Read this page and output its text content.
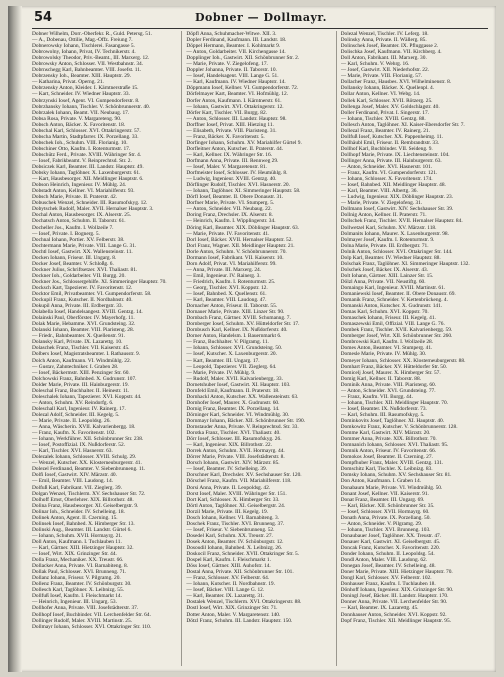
54	Dobner — Dollmayr.

Dobner Wilhelm, Dorr.-Oberfekr. R., Guld. Petersg. 51.

— A., Dobenau, Ottilie, Mag.-Offz. Freiung 7.

Dobnerowsky Iohann, Tischlerei. Fasangasse 5.

Dobrowolny, Iohann, Privat, IV. Technikerstr. 4.

Dobrowolsky Theodor, Priv.-Beamt., III. Marxerg. 12.

Dobrowsky Anton, Schlosser. VII. Westbahnstr. 34.

Dobrnschegg Karl, Bahnbeamter. VIII. Josefst. 11.

Dobrzensky Ioh., Beamter. XIII. Hauptstr. 29.

— Katharina, Privat. Operng. 21.

Dobrzensky Anton, Kleider. I. Kärntnerstraße 15.

— Kart, Schneider. IV. Wiedner Hauptstr. 33.

Dobrzynski Iosef, Agent. VI. Gumpendorferstr. 8.

Dobrzhansky Iohann, Tischler. V. Schönbrunnerstr. 40.

Dobrzalek Iohann, Beamt. VII. Neubaug. 17.

Dobsa Rosa, Private. V. Margareteng. 90.

Dobsch Anton, Bäcker. X. Favoritenstr. 18.

Dobschal Karl, Schlosser. XVI. Ottakringerstr. 57.

Dobscha Martin, Stadtpfarrer. IX. Porzellang. 33.

Dobschek Ioh., Schuhm. VIII. Florianig. 10.

Dobschiner Otto, Kaufm. I. Rotenturmstr. 17.

Dobschütz Ferd., Private. XVIII. Währinger Str. 4.

— Iosef, Fabrikbeamt. V. Reinprechtsd. Str. 2.

Dobsiczek Karl, Beamter. III. Landstr. Hauptstr. 49.

Dobsky Iohann, Taglöhner. X. Laxenburgerstr. 61.

— Kart, Hausbesorger. XII. Meidlinger Hauptstr. 6.

Dobson Heinrich, Ingenieur. IV. Mühlg. 24.

Dobstadt Anton, Kellner. VI. Mariahilferstr. 93.

Dobsch Marie, Private. II. Praterstr. 42.

Dobuschek Wenzel, Schneider. III. Rasumofskyg. 12.

Dobytschek Rudolf, Maler. XVII. Hernalser Hauptstr. 3.

Dochal Anton, Hausbesorger. IX. Alserstr. 25.

Dochatsch Anton, Schuhm. II. Taborstr. 61.

Docheller Jos., Kaufm. I. Wollzeile 7.

— Iosef, Private. I. Bognerg. 5.

Dochnal Iohann, Portier. XV. Felberstr. 38.

Dochtermann Marie, Private. VIII. Lange G. 31.

Dochtl Iosef, Gastwirt. XX. Wallensteinstr. 11.

Docken Iohann, Friseur. III. Ungarg. 8.

Docker Josef, Beamter. V. Schloßg. 6.

Dockner Julius, Schriftsetzer. XVI. Thaliastr. 81.

Dockner Ioh., Goldarbeiter. VII. Burgg. 20.

Dockner Jos., Schlossergehilfe. XI. Simmeringer Hauptstr. 70.

Docksch Kart, Tapezierer. IV. Favoritenstr. 12.

Docktor Emil, Privatbeamter. VI. Gumpendorferstr. 58.

Dockupil Franz, Kutscher. II. Nordbahnstr. 40.

Dokupil Anna, Private. III. Erdbergstr. 33.

Dolabella Iosef, Handelsangest. XVIII. Gentzg. 14.

Dolainski Paul, Oberförster. IV. Mayerhofg. 11.

Dolak Marie, Hebamme. XVI. Grundsteing. 32.

Dolanski Iohann, Beamter. VIII. Piaristeng. 28.

— Friedr., Bahnbeamter. X. Quellenstr. 91.

Dolansky Karl, Private. IX. Lazarettg. 10.

Dolaschek Franz, Tischler. VII. Kaiserstr. 45.

Dolbers Iosef, Magistratsbeamter. I. Rathausstr. 9.

Dolch Anton, Kaufmann. VI. Windmühlg. 22.

— Gustav, Zahntechniker. I. Graben 28.

— Iosef, Bäckermstr. XIII. Penzinger Str. 60.

Dolchowski Franz, Bahnbed. X. Gudrunstr. 107.

Dolder Marie, Private. III. Hainburgerstr. 19.

Doleschal Franz, Buchhalter. II. Heinestr. 11.

Doleschalek Iohann, Tapezierer. XVI. Koppstr. 44.

— Anton, Schuhm. XV. Reindorfg. 6.

Doleschall Karl, Ingenieur. IV. Rainerg. 17.

Dolezal Adolf, Schneider. III. Kegelg. 5.

— Marie, Private. II. Leopoldsg. 26.

— Anna, Wäscherin. XVII. Kalvarienbergg. 18.

— Franz, Kaufm. X. Favoritenstr. 102.

— Iohann, Werkführer. XII. Schönbrunner Str. 238.

— Iosef, Postoffizial. IX. Nußdorferstr. 52.

— Karl, Tischler. XVI. Hasnerstr. 63.

Dolezalek Iohann, Schlosser. XVIII. Schulg. 29.

— Wenzel, Kutscher. XX. Klosterneuburgerstr. 41.

Dolezel Ferdinand, Beamter. V. Siebenbrunneng. 11.

Dolfi Iosef, Gastwirt. XIV. Märzstr. 40.

— Emil, Beamter. VIII. Laudong. 14.

Dolfuß Karl, Fabrikant. VII. Zieglerg. 39.

Dolgan Wenzel, Tischlerm. XV. Sechshauser Str. 72.

Dolhoff Ernst, Oberlehrer. XIX. Billrothstr. 48.

Dolina Franz, Hausbesorger. XI. Geiselbergstr. 9.

Dolinar Ioh., Schneider. IV. Schelleing. 18.

Dolinek Anton, Agent. II. Czerning. 15.

Dolinsek Iosef, Bahnbed. X. Himberger Str. 13.

Dolinski Aug., Beamter. III. Landstr. Gürtel 6.

— Iohann, Schuhm. XVII. Hormayrg. 21.

Doll Anton, Kaufmann. I. Tuchlauben 11.

— Karl, Gärtner. XIII. Hietzinger Hauptstr. 32.

— Iosef, Wirt. XIX. Grinzinger Str. 44.

Dolla Franz, Mechaniker. XX. Treustr. 66.

Dollacker Anna, Private. VI. Barnabiteng. 8.

Dollak Paul, Schlosser. XVI. Brunneng. 71.

Dollanz Iohann, Friseur. V. Pilgramg. 20.

Dollenz Franz, Beamter. IV. Schönburgstr. 30.

Dollesch Karl, Taglöhner. X. Leibnizg. 55.

Dollfuß Iosef, Kaufm. I. Fleischmarkt 14.

— Heinrich, Ingenieur. III. Ungarg. 53.

Dollhofer Anna, Private. VIII. Josefstädterstr. 37.

Dollhopf Iosef, Buchbinder. VII. Lerchenfelder Str. 64.

Dollinger Rudolf, Maler. XVIII. Martinstr. 25.

Dollmayr Iohann, Schlosser. XVI. Ottakringer Str. 110.

Döpfl Anna, Schuhmacher-Witwe. XII. 3.

Dopler Ferdinand, Kaufmann. III. Landstr. 18.

Döppel Hermann, Beamter. I. Kohlmarkt 9.

— Anton, Goldarbeiter. VII. Kirchengasse 14.

Dopplinger Ioh., Gastwirt. XII. Schönbrunner Str. 2.

— Marie, Private. V. Ziegelofeng. 17.

Doppler Johanna, Private. II. Taborstr. 10.

— Iosef, Handelsagent. VIII. Lange G. 51.

— Karl, Kaufmann. IV. Wiedner Hauptstr. 14.

Döppmann Iosef, Kellner. VI. Gumpendorferstr. 72.

Dörfelmayer Kart, Beamter. VI. Hofmühlg. 12.

Dorfer Anton, Kaufmann. I. Kärntnerstr. 61.

— Iohann, Gastwirt. XVI. Ottakringerstr. 12.

Dörfer Kart, Tischler. VII. Burgg. 82.

— Anton, Schlosser. III. Landstr. Hauptstr. 98.

Dorffner Iosef, Privat. XIII. Hietzing 11.

— Elisabeth, Private. VIII. Piaristeng. 31.

— Franz, Bäcker. X. Favoritenstr. 5.

Dorfinger Iohann, Schuhm. XV. Mariahilfer Gürtel 9.

Dorfleitner Anton, Kutscher. II. Praterstr. 44.

— Karl, Kellner. IX. Währinger Str. 16.

Dorfmann Anna, Private. III. Rennweg 29.

— Iosef, Maler. V. Margaretenstr. 81.

Dorfmeister Iosef, Schlosser. IV. Heumühlg. 8.

— Ludwig, Ingenieur. XVIII. Gentzg. 40.

Dörflinger Rudolf, Tischler. XVI. Hasnerstr. 20.

— Iohann, Taglöhner. XI. Simmeringer Hauptstr. 58.

Dörfl Iosef, Beamter. II. Obere Donaustr. 31.

Dorfner Marie, Private. VI. Stumperg. 5.

— Anton, Schneider. VII. Neubaug. 22.

Doring Franz, Drechsler. IX. Alserstr. 8.

— Heinrich, Kaufm. I. Wipplingerstr. 34.

Döring Karl, Beamter. XIX. Döblinger Hauptstr. 63.

— Marie, Private. IV. Favoritenstr. 41.

Dorl Iosef, Bäcker. XVII. Hernalser Hauptstr. 52.

Dorl Franz, Wagner. XII. Meidlinger Hauptstr. 21.

Dorle Anton, Schuhm. V. Schönbrunnerstr. 70.

Dormann Iosef, Fabrikant. VII. Kaiserstr. 10.

Dorn Adolf, Privat. VI. Mariahilferstr. 99.

— Anna, Private. III. Marxerg. 24.

— Emil, Ingenieur. IV. Rainerg. 3.

— Friedrich, Kaufm. I. Rotenturmstr. 25.

— Georg, Tischler. XVI. Koppstr. 12.

— Iosef, Bahnbed. X. Quellenstr. 61.

— Karl, Beamter. VIII. Laudong. 47.

Dornacher Anton, Friseur. II. Taborstr. 55.

Dornauer Marie, Private. XIII. Linzer Str. 90.

Dornbach Franz, Gärtner. XVIII. Schumanng. 7.

Dornberger Iosef, Schuhm. XV. Hütteldorfer Str. 17.

Dornbusch Karl, Kellner. IX. Nußdorferstr. 40.

Dorner Anton, Handelsm. I. Bauernmarkt 6.

— Franz, Buchhalter. V. Pilgramg. 11.

— Iohann, Schlosser. XVI. Grundsteing. 50.

— Iosef, Kutscher. X. Laxenburgerstr. 20.

— Kart, Beamter. III. Ungarg. 17.

— Leopold, Tapezierer. VII. Zieglerg. 64.

— Marie, Private. IV. Mühlg. 9.

— Rudolf, Maler. XVII. Kalvarienbergg. 33.

Dornetshuber Iosef, Gastwirt. XI. Hauptstr. 103.

Dornfeld Emil, Kaufmann. II. Praterstr. 18.

Dornhackl Anton, Kutscher. XX. Wallensteinstr. 63.

Dornhofer Iosef, Maurer. X. Gudrunstr. 60.

Dornig Franz, Beamter. IX. Porzellang. 14.

Dörninger Karl, Schneider. VI. Windmühlg. 30.

Dornmayr Iohann, Bäcker. XII. Schönbrunner Str. 190.

Dornstauder Anna, Private. V. Reinprechtsd. Str. 33.

Dorotka Franz, Tischler. XVI. Thaliastr. 40.

Dörr Iosef, Schlosser. III. Rasumofskyg. 26.

— Karl, Ingenieur. XIX. Billrothstr. 22.

Dorrek Anton, Schuhm. XVII. Hormayrg. 44.

Dörrer Marie, Private. VIII. Josefstädterstr. 8.

Dorsch Iohann, Gastwirt. XIV. Märzstr. 85.

— Iosef, Beamter. IV. Schelleing. 39.

Dorschner Karl, Drechsler. XV. Sechshauser Str. 120.

Dörschel Franz, Kaufm. VII. Mariahilferstr. 118.

Dorsi Anna, Private. II. Leopoldsg. 42.

Dorst Iosef, Maler. XVIII. Währinger Str. 151.

Dort Karl, Schlosser. X. Himberger Str. 33.

Dörtl Anton, Taglöhner. XI. Geiselbergstr. 24.

Dorzil Marie, Private. III. Kegelg. 19.

Dosch Iohann, Kellner. VI. Barnabiteng. 3.

Doschek Franz, Tischler. XVI. Brunneng. 37.

— Iosef, Friseur. V. Siebenbrunneng. 52.

Dosedel Karl, Schuhm. XX. Treustr. 27.

Dosek Anton, Beamter. IV. Schönburgstr. 12.

Dosoudil Iohann, Bahnbed. X. Leibnizg. 26.

Doskocil Franz, Schneider. XVII. Ottakringer Str. 5.

Dospel Karl, Kaufm. I. Fleischmarkt 1.

Döss Iosef, Gärtner. XIII. Auhofstr. 14.

Dostal Anna, Private. XII. Schönbrunner Str. 101.

— Franz, Schlosser. XV. Felberstr. 64.

— Iohann, Kutscher. II. Nordbahnstr. 19.

— Iosef, Bäcker. VIII. Lange G. 12.

— Karl, Beamter. IX. Lazarettg. 31.

Dostalek Wenzel, Tischlerm. XVI. Ottakringerstr. 88.

Dostl Iosef, Wirt. XIX. Grinzinger Str. 71.

Dotter Anton, Maler. V. Margaretenstr. 140.

Dötzl Franz, Schuhm. III. Landstr. Hauptstr. 150.

Dolezal Wenzel, Tischler. IV. Leferg. 18.

Dolinsky Anna, Private. II. Wällerg. 85.

Dolinschek Josef, Beamter. IX. Pfluggasse 2.

Dolischka Josef, Kaufmann. VII. Kirchberg. 4.

Doll Anton, Fabrikant. III. Marxerg. 30.

— Karl, Schuhm. V. Wehrg. 16.

— Josef, Gastwirt. XII. Niederhofstr. 22.

— Marie, Private. VIII. Florianig. 57.

Dollacher Franz, Hausbes. XVI. Wilhelminenstr. 8.

Dollansky Iohann, Bäcker. X. Quellenpl. 4.

Dollar Anton, Kellner. VI. Webg. 14.

Dollek Karl, Schlosser. XVII. Rötzerg. 25.

Dollenga Josef, Maler. XV. Goldschlagstr. 40.

Doller Ferdinand, Privat. I. Singerstr. 17.

— Iohann, Tischler. XVIII. Gentzg. 88.

Dollesch Anton, Taglöhner. XI. Kaiser-Ebersdorfer Str. 7.

Dollezal Franz, Beamter. IV. Rainerg. 21.

Dollfuß Iosef, Kutscher. XX. Pappenheimg. 11.

Dollhäubl Emil, Friseur. II. Rembrandtstr. 33.

Dollhof Karl, Buchbinder. VII. Seideng. 9.

Dollhopf Marie, Private. IX. Liechtensteinstr. 104.

Dollinger Anna, Private. III. Hainburgerstr. 63.

— Anton, Schneider. XVI. Hasnerstr. 101.

— Franz, Kaufm. VI. Gumpendorferstr. 121.

— Iohann, Schlosser. X. Favoritenstr. 174.

— Iosef, Bahnbed. XII. Meidlinger Hauptstr. 48.

— Karl, Beamter. VIII. Albertg. 36.

— Ludwig, Ingenieur. XIX. Döblinger Hauptstr. 23.

— Marie, Private. V. Ziegelofeng. 31.

Dollmann Iosef, Gastwirt. XIV. Sechshauser Str. 39.

Dollnig Anton, Kellner. II. Praterstr. 71.

Dollschek Franz, Tischler. XVII. Hernalser Hauptstr. 84.

Dollwetzel Karl, Schuhm. XV. Märzstr. 118.

Dolmanits Iohann, Maurer. X. Laxenburgerstr. 98.

Dolmayer Josef, Kaufm. I. Rotenturmstr. 9.

Dolna Marie, Private. III. Erdbergstr. 71.

Dolnik Anton, Schlosser. XVI. Ottakringer Str. 144.

Dolp Karl, Beamter. IV. Wiedner Hauptstr. 88.

Dolschak Franz, Taglöhner. XI. Simmeringer Hauptstr. 132.

Dolschek Josef, Bäcker. IX. Alserstr. 43.

Dolt Iohann, Gärtner. XIII. Lainzer Str. 15.

Dölzl Anna, Private. VII. Neustiftg. 60.

Domaingo Karl, Ingenieur. XVIII. Martinstr. 61.

Domaniewski Iosef, Beamter. II. Obere Donaustr. 69.

Domanik Franz, Schneider. V. Kettenbrückeng. 4.

Domanski Anton, Kutscher. X. Gudrunstr. 141.

Domas Karl, Schuhm. XVI. Koppstr. 70.

Domaschek Iohann, Friseur. III. Kegelg. 41.

Domaszewski Emil, Offizial. VIII. Lange G. 76.

Dombek Franz, Tischler. XVII. Kalvarienbergg. 59.

Domberger Josef, Wirt. XII. Schönbrunner Str. 260.

Dombrowski Karl, Kaufm. I. Wollzeile 28.

Domes Anton, Beamter. VI. Stumperg. 41.

Domesle Marie, Private. IV. Mühlg. 30.

Domeyer Iohann, Schlosser. XX. Klosterneuburgerstr. 88.

Domhart Franz, Bäcker. XV. Hütteldorfer Str. 50.

Domicelj Josef, Maurer. X. Himberger Str. 57.

Domig Karl, Kellner. II. Taborstr. 88.

Dominik Anna, Private. VIII. Piaristeng. 60.

— Anton, Schneider. XVI. Grundsteing. 77.

— Franz, Kaufm. VII. Burgg. 44.

— Iohann, Tischler. XII. Meidlinger Hauptstr. 70.

— Iosef, Beamter. IX. Nußdorferstr. 73.

— Karl, Schuhm. III. Rasumofskyg. 5.

Dominkovits Josef, Taglöhner. XI. Hauptstr. 40.

Domkowitz Franz, Kutscher. V. Schönbrunnerstr. 128.

Domme Karl, Gastwirt. XIV. Märzstr. 20.

Dommer Anna, Private. XIX. Billrothstr. 70.

Domnanich Iohann, Schlosser. XVI. Thaliastr. 95.

Domnik Anton, Friseur. IV. Favoritenstr. 66.

Domokos Josef, Beamter. II. Czerning. 27.

Dompfhuber Franz, Maler. XVIII. Gentzg. 131.

Domschitz Karl, Tischler. X. Leibnizg. 83.

Domsky Iohann, Schuhm. XV. Sechshauser Str. 81.

Don Anton, Kaufmann. I. Graben 14.

Donabaum Marie, Private. VI. Windmühlg. 50.

Donant Josef, Kellner. VII. Kaiserstr. 91.

Donat Franz, Beamter. III. Ungarg. 69.

— Karl, Bäcker. XII. Schönbrunner Str. 35.

— Iosef, Schlosser. XVII. Hormayrg. 60.

Donath Anna, Private. IX. Porzellang. 50.

— Anton, Schneider. V. Pilgramg. 29.

— Iohann, Tischler. XVI. Brunneng. 103.

Donaubauer Josef, Taglöhner. XX. Treustr. 47.

Donauer Karl, Gastwirt. XI. Geiselbergstr. 45.

Doncak Franz, Kutscher. X. Favoritenstr. 220.

Donder Iohann, Schuhm. II. Leopoldsg. 54.

Dondl Anton, Maler. VIII. Laudong. 62.

Donegan Josef, Beamter. IV. Schelleing. 48.

Doner Marie, Private. XIII. Hietzinger Hauptstr. 70.

Dongl Karl, Schlosser. XV. Felberstr. 102.

Donhauser Franz, Kaufm. I. Tuchlauben 18.

Dönhoff Iohann, Ingenieur. XIX. Grinzinger Str. 90.

Doningl Josef, Bäcker. III. Landstr. Hauptstr. 170.

Donner Anna, Private. VII. Lerchenfelder Str. 90.

— Karl, Beamter. IX. Lazarettg. 45.

Donnhauser Anton, Schneider. XVI. Koppstr. 92.

Dopf Franz, Tischler. XII. Meidlinger Hauptstr. 95.
